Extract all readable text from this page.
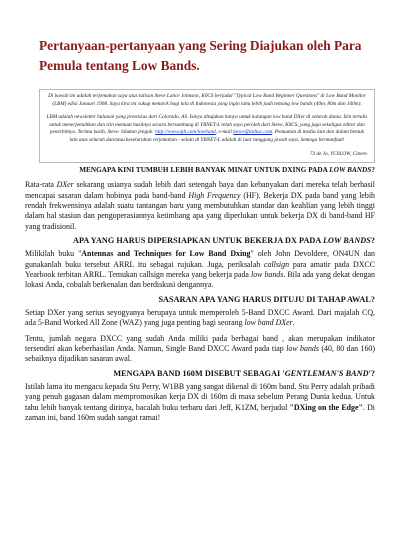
Pertanyaan-pertanyaan yang Sering Diajukan oleh Para
Pemula tentang Low Bands.

Di bawah ini adalah terjemahan saya atas tulisan Steve Lance Johnson, K0CS berjudul "Typical Low Band Beginner Questions" di Low Band Monitor (LBM) edisi Januari 1998. Saya kira ini cukup menarik bagi kita di Indonesia yang ingin tahu lebih jauh tentang low bands (40m, 80m dan 160m).

LBM adalah newsletter bulanan yang prestisius dari Colorado, AS. Isinya ditujukan hanya untuk kalangan low band DXer di seluruh dunia. Izin tertulis untuk menerjemahkan dan izin memuat hasilnya secara bersambung di YBNET-L telah saya peroleh dari Steve, K0CS, yang juga sekaligus editor dan penerbitnya. Terima kasih, Steve. Silakan jenguk: http://www.qth.com/lowband, e-mail lance@ktdiac.com. Pemuatan di media lain dan dalam bentuk lain atas seluruh dan/atau keseluruhan terjemahan - selain di YBNET-L adalah di luar tanggung jawab saya. Semoga bermanfaat!

73 de Jo, YC0LOW, Cinere.

MENGAPA KINI TUMBUH LEBIH BANYAK MINAT UNTUK DXING PADA LOW BANDS?

Rata-rata DXer sekarang usianya sudah lebih dari setengah baya dan kebanyakan dari mereka telah berhasil mencapai sasaran dalam hobinya pada band-band High Frequency (HF). Bekerja DX pada band yang lebih rendah frekwensinya adalah suatu tantangan baru yang membutuhkan standar dan keahlian yang lebih tinggi dalam hal stasiun dan pengoperasiannya ketimbang apa yang diperlukan untuk bekerja DX di band-band HF yang tradisionil.

APA YANG HARUS DIPERSIAPKAN UNTUK BEKERJA DX PADA LOW BANDS?

Milikilah buku "Antennas and Techniques for Low Band Dxing" oleh John Devoldere, ON4UN dan gunakanlah buku tersebut ARRL itu sebagai rujukan. Juga, periksalah callsign para amatir pada DXCC Yearbook terbitan ARRL. Temukan callsign mereka yang bekerja pada low bands. Bila ada yang dekat dengan lokasi Anda, cobalah berkenalan dan berdiskusi dengannya.

SASARAN APA YANG HARUS DITUJU DI TAHAP AWAL?

Setiap DXer yang serius seyogyanya berupaya untuk memperoleh 5-Band DXCC Award. Dari majalah CQ, ada 5-Band Worked All Zone (WAZ) yang juga penting bagi seorang low band DXer.

Tentu, jumlah negara DXCC yang sudah Anda miliki pada berbagai band , akan merupakan indikator tersendiri akan keberhasilan Anda. Namun, Single Band DXCC Award pada tiap low bands (40, 80 dan 160) sebaiknya dijadikan sasaran awal.

MENGAPA BAND 160M DISEBUT SEBAGAI 'GENTLEMAN'S BAND'?

Istilah lama itu mengacu kepada Stu Perry, W1BB yang sangat dikenal di 160m band. Stu Perry adalah pribadi yang penuh gagasan dalam mempromosikan kerja DX di 160m di masa sebelum Perang Dunia kedua. Untuk tahu lebih banyak tentang dirinya, bacalah buku terbaru dari Jeff, K1ZM, berjudul "DXing on the Edge". Di zaman ini, band 160m sudah sangat ramai!
